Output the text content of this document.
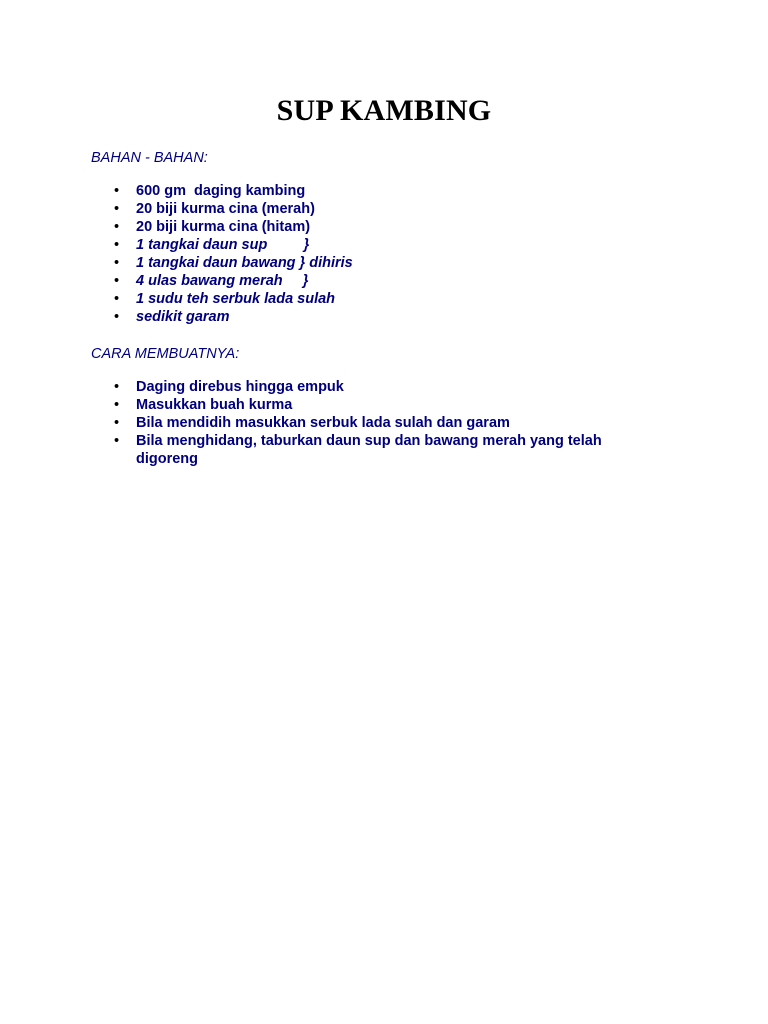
SUP KAMBING
BAHAN - BAHAN:
• 600 gm  daging kambing
• 20 biji kurma cina (merah)
• 20 biji kurma cina (hitam)
• 1 tangkai daun sup         }
• 1 tangkai daun bawang } dihiris
• 4 ulas bawang merah     }
• 1 sudu teh serbuk lada sulah
• sedikit garam
CARA MEMBUATNYA:
• Daging direbus hingga empuk
• Masukkan buah kurma
• Bila mendidih masukkan serbuk lada sulah dan garam
• Bila menghidang, taburkan daun sup dan bawang merah yang telah digoreng
